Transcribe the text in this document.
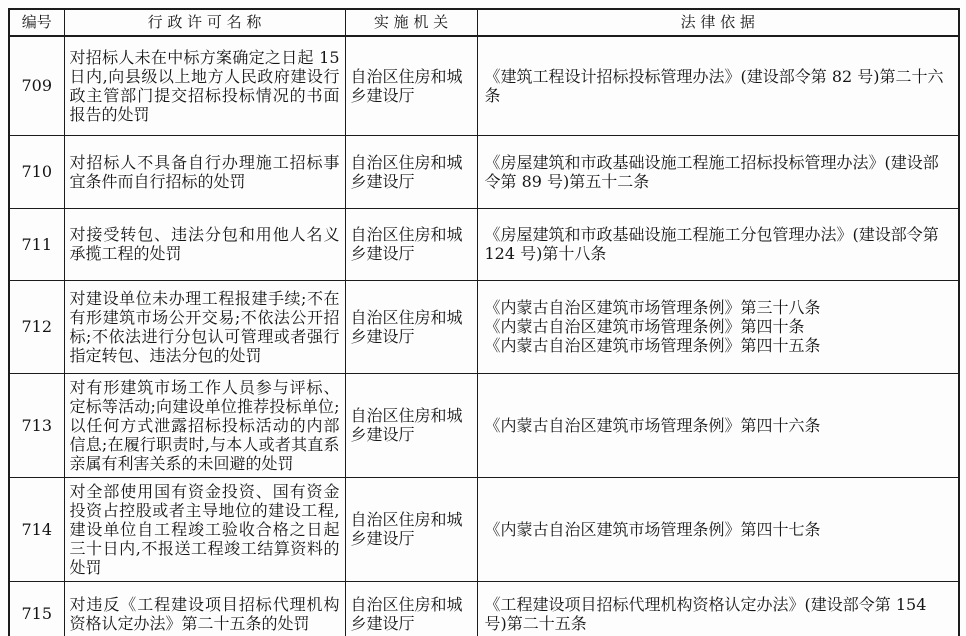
编号	行 政 许 可 名 称	实 施 机 关	法 律 依 据
709	对招标人未在中标方案确定之日起 15 日内,向县级以上地方人民政府建设行政主管部门提交招标投标情况的书面报告的处罚	自治区住房和城乡建设厅	《建筑工程设计招标投标管理办法》(建设部令第 82 号)第二十六条

710	对招标人不具备自行办理施工招标事宜条件而自行招标的处罚	自治区住房和城乡建设厅	《房屋建筑和市政基础设施工程施工招标投标管理办法》(建设部令第 89 号)第五十二条

711	对接受转包、违法分包和用他人名义承揽工程的处罚	自治区住房和城乡建设厅	《房屋建筑和市政基础设施工程施工分包管理办法》(建设部令第 124 号)第十八条

712	对建设单位未办理工程报建手续;不在有形建筑市场公开交易;不依法公开招标;不依法进行分包认可管理或者强行指定转包、违法分包的处罚	自治区住房和城乡建设厅	《内蒙古自治区建筑市场管理条例》第三十八条
《内蒙古自治区建筑市场管理条例》第四十条
《内蒙古自治区建筑市场管理条例》第四十五条

713	对有形建筑市场工作人员参与评标、定标等活动;向建设单位推荐投标单位;以任何方式泄露招标投标活动的内部信息;在履行职责时,与本人或者其直系亲属有利害关系的未回避的处罚	自治区住房和城乡建设厅	《内蒙古自治区建筑市场管理条例》第四十六条

714	对全部使用国有资金投资、国有资金投资占控股或者主导地位的建设工程,建设单位自工程竣工验收合格之日起三十日内,不报送工程竣工结算资料的处罚	自治区住房和城乡建设厅	《内蒙古自治区建筑市场管理条例》第四十七条

715	对违反《工程建设项目招标代理机构资格认定办法》第二十五条的处罚	自治区住房和城乡建设厅	《工程建设项目招标代理机构资格认定办法》(建设部令第 154 号)第二十五条
